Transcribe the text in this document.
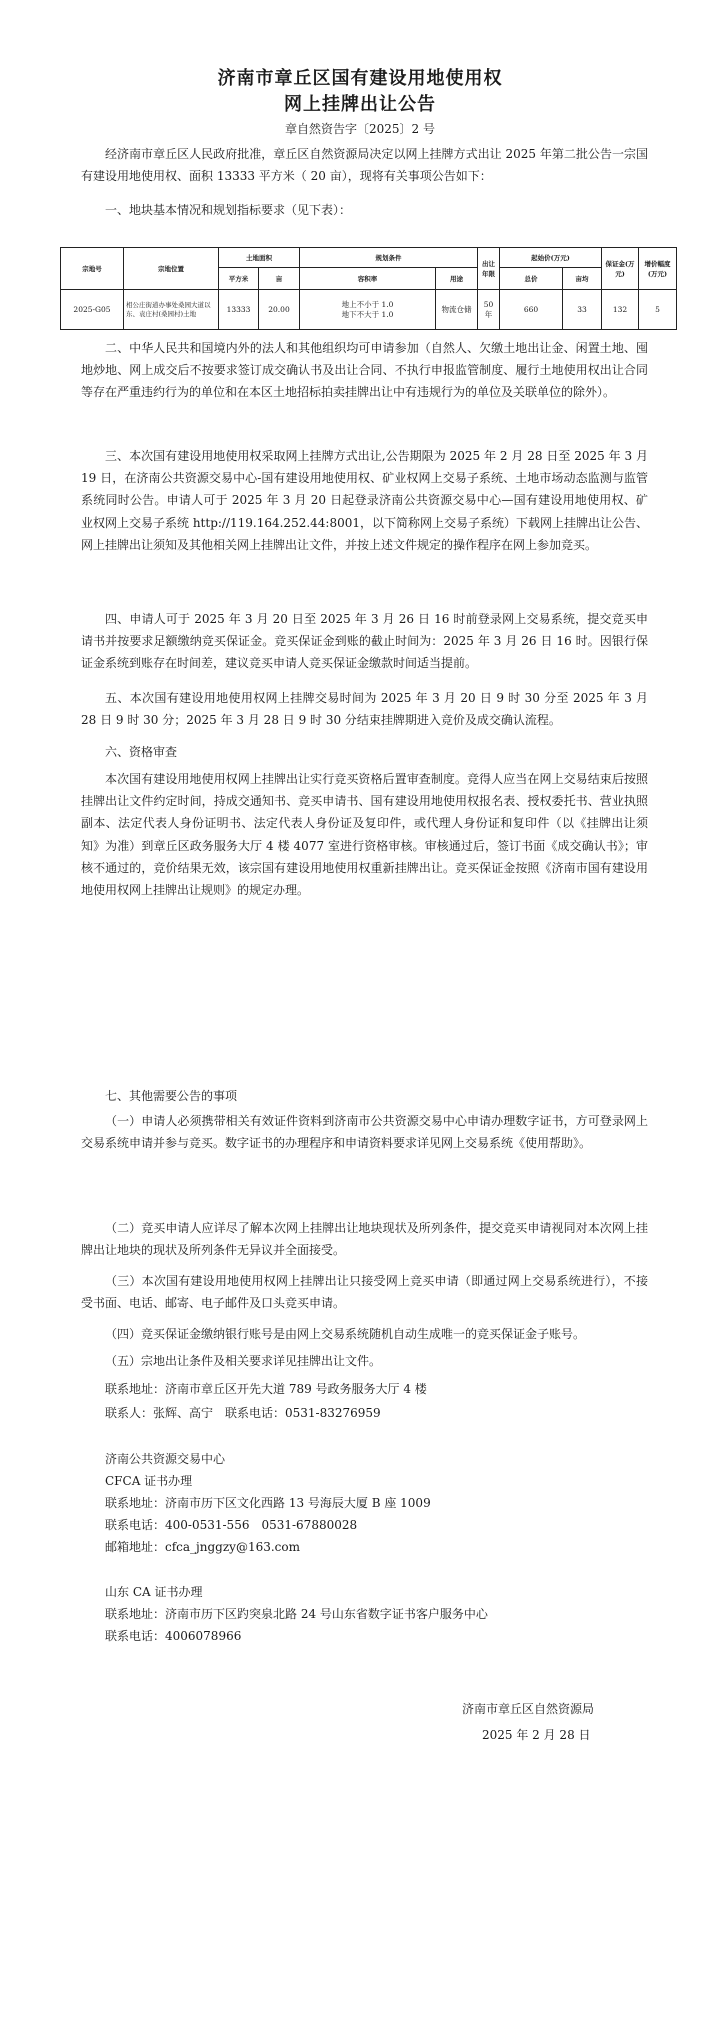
济南市章丘区国有建设用地使用权
网上挂牌出让公告
章自然资告字〔2025〕2 号

经济南市章丘区人民政府批准，章丘区自然资源局决定以网上挂牌方式出让 2025 年第二批公告一宗国有建设用地使用权、面积 13333 平方米（ 20 亩），现将有关事项公告如下：

一、地块基本情况和规划指标要求（见下表）：

宗地号	宗地位置	土地面积		规划条件		出让年限	起始价(万元)		保证金(万元)	增价幅度(万元)
		平方米	亩	容积率	用途		总价	亩均		
2025-G05	相公庄街道办事处桑园大道以东、袁庄村(桑园村)土地	13333	20.00	地上不小于 1.0
地下不大于 1.0	物流仓储	50 年	660	33	132	5

二、中华人民共和国境内外的法人和其他组织均可申请参加（自然人、欠缴土地出让金、闲置土地、囤地炒地、网上成交后不按要求签订成交确认书及出让合同、不执行申报监管制度、履行土地使用权出让合同等存在严重违约行为的单位和在本区土地招标拍卖挂牌出让中有违规行为的单位及关联单位的除外）。

三、本次国有建设用地使用权采取网上挂牌方式出让,公告期限为 2025 年 2 月 28 日至 2025 年 3 月 19 日，在济南公共资源交易中心-国有建设用地使用权、矿业权网上交易子系统、土地市场动态监测与监管系统同时公告。申请人可于 2025 年 3 月 20 日起登录济南公共资源交易中心—国有建设用地使用权、矿业权网上交易子系统 http://119.164.252.44:8001，以下简称网上交易子系统）下载网上挂牌出让公告、网上挂牌出让须知及其他相关网上挂牌出让文件，并按上述文件规定的操作程序在网上参加竞买。

四、申请人可于 2025 年 3 月 20 日至 2025 年 3 月 26 日 16 时前登录网上交易系统，提交竞买申请书并按要求足额缴纳竞买保证金。竞买保证金到账的截止时间为：2025 年 3 月 26 日 16 时。因银行保证金系统到账存在时间差，建议竞买申请人竞买保证金缴款时间适当提前。

五、本次国有建设用地使用权网上挂牌交易时间为 2025 年 3 月 20 日 9 时 30 分至 2025 年 3 月 28 日 9 时 30 分；2025 年 3 月 28 日 9 时 30 分结束挂牌期进入竞价及成交确认流程。

六、资格审查

本次国有建设用地使用权网上挂牌出让实行竞买资格后置审查制度。竞得人应当在网上交易结束后按照挂牌出让文件约定时间，持成交通知书、竞买申请书、国有建设用地使用权报名表、授权委托书、营业执照副本、法定代表人身份证明书、法定代表人身份证及复印件，或代理人身份证和复印件（以《挂牌出让须知》为准）到章丘区政务服务大厅 4 楼 4077 室进行资格审核。审核通过后，签订书面《成交确认书》；审核不通过的，竞价结果无效，该宗国有建设用地使用权重新挂牌出让。竞买保证金按照《济南市国有建设用地使用权网上挂牌出让规则》的规定办理。

七、其他需要公告的事项

（一）申请人必须携带相关有效证件资料到济南市公共资源交易中心申请办理数字证书，方可登录网上交易系统申请并参与竞买。数字证书的办理程序和申请资料要求详见网上交易系统《使用帮助》。

（二）竞买申请人应详尽了解本次网上挂牌出让地块现状及所列条件，提交竞买申请视同对本次网上挂牌出让地块的现状及所列条件无异议并全面接受。

（三）本次国有建设用地使用权网上挂牌出让只接受网上竞买申请（即通过网上交易系统进行），不接受书面、电话、邮寄、电子邮件及口头竞买申请。

（四）竞买保证金缴纳银行账号是由网上交易系统随机自动生成唯一的竞买保证金子账号。

（五）宗地出让条件及相关要求详见挂牌出让文件。

联系地址：济南市章丘区开先大道 789 号政务服务大厅 4 楼
联系人：张辉、高宁　联系电话：0531-83276959
济南公共资源交易中心
CFCA 证书办理
联系地址：济南市历下区文化西路 13 号海辰大厦 B 座 1009
联系电话：400-0531-556　0531-67880028
邮箱地址：cfca_jnggzy@163.com
山东 CA 证书办理
联系地址：济南市历下区趵突泉北路 24 号山东省数字证书客户服务中心
联系电话：4006078966
济南市章丘区自然资源局
2025 年 2 月 28 日
